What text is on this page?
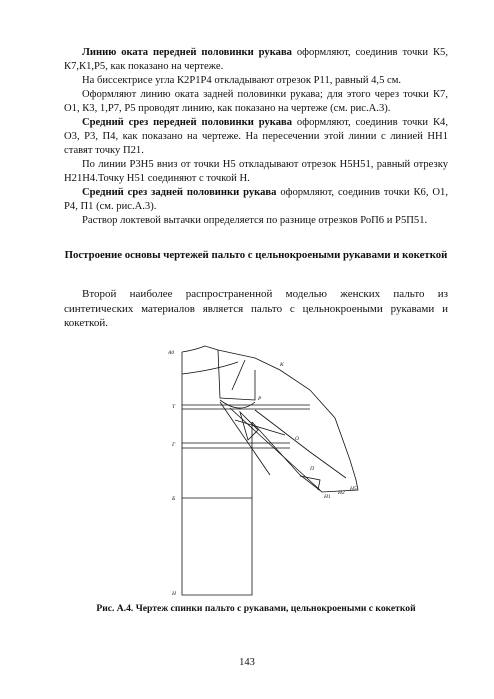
Линию оката передней половинки рукава оформляют, соединив точки К5, К7,К1,Р5, как показано на чертеже.
На биссектрисе угла К2Р1Р4 откладывают отрезок Р11, равный 4,5 см.
Оформляют линию оката задней половинки рукава; для этого через точки К7, О1, К3, 1,Р7, Р5 проводят линию, как показано на чертеже (см. рис.А.3).
Средний срез передней половинки рукава оформляют, соединив точки К4, О3, Р3, П4, как показано на чертеже. На пересечении этой линии с линией НН1 ставят точку П21.
По линии Р3Н5 вниз от точки Н5 откладывают отрезок Н5Н51, равный отрезку Н21Н4.Точку Н51 соединяют с точкой Н.
Средний срез задней половинки рукава оформляют, соединив точки К6, О1, Р4, П1 (см. рис.А.3).
Раствор локтевой вытачки определяется по разнице отрезков РоП6 и Р5П51.
Построение основы чертежей пальто с цельнокроеными рукавами и кокеткой
Второй наиболее распространенной моделью женских пальто из синтетических материалов является пальто с цельнокроеными рукавами и кокеткой.
А0
Т
Б
Н
Г
Р
К
О
П
Н1
Н2
Н5
Рис. А.4. Чертеж спинки пальто с рукавами, цельнокроеными с кокеткой
143
